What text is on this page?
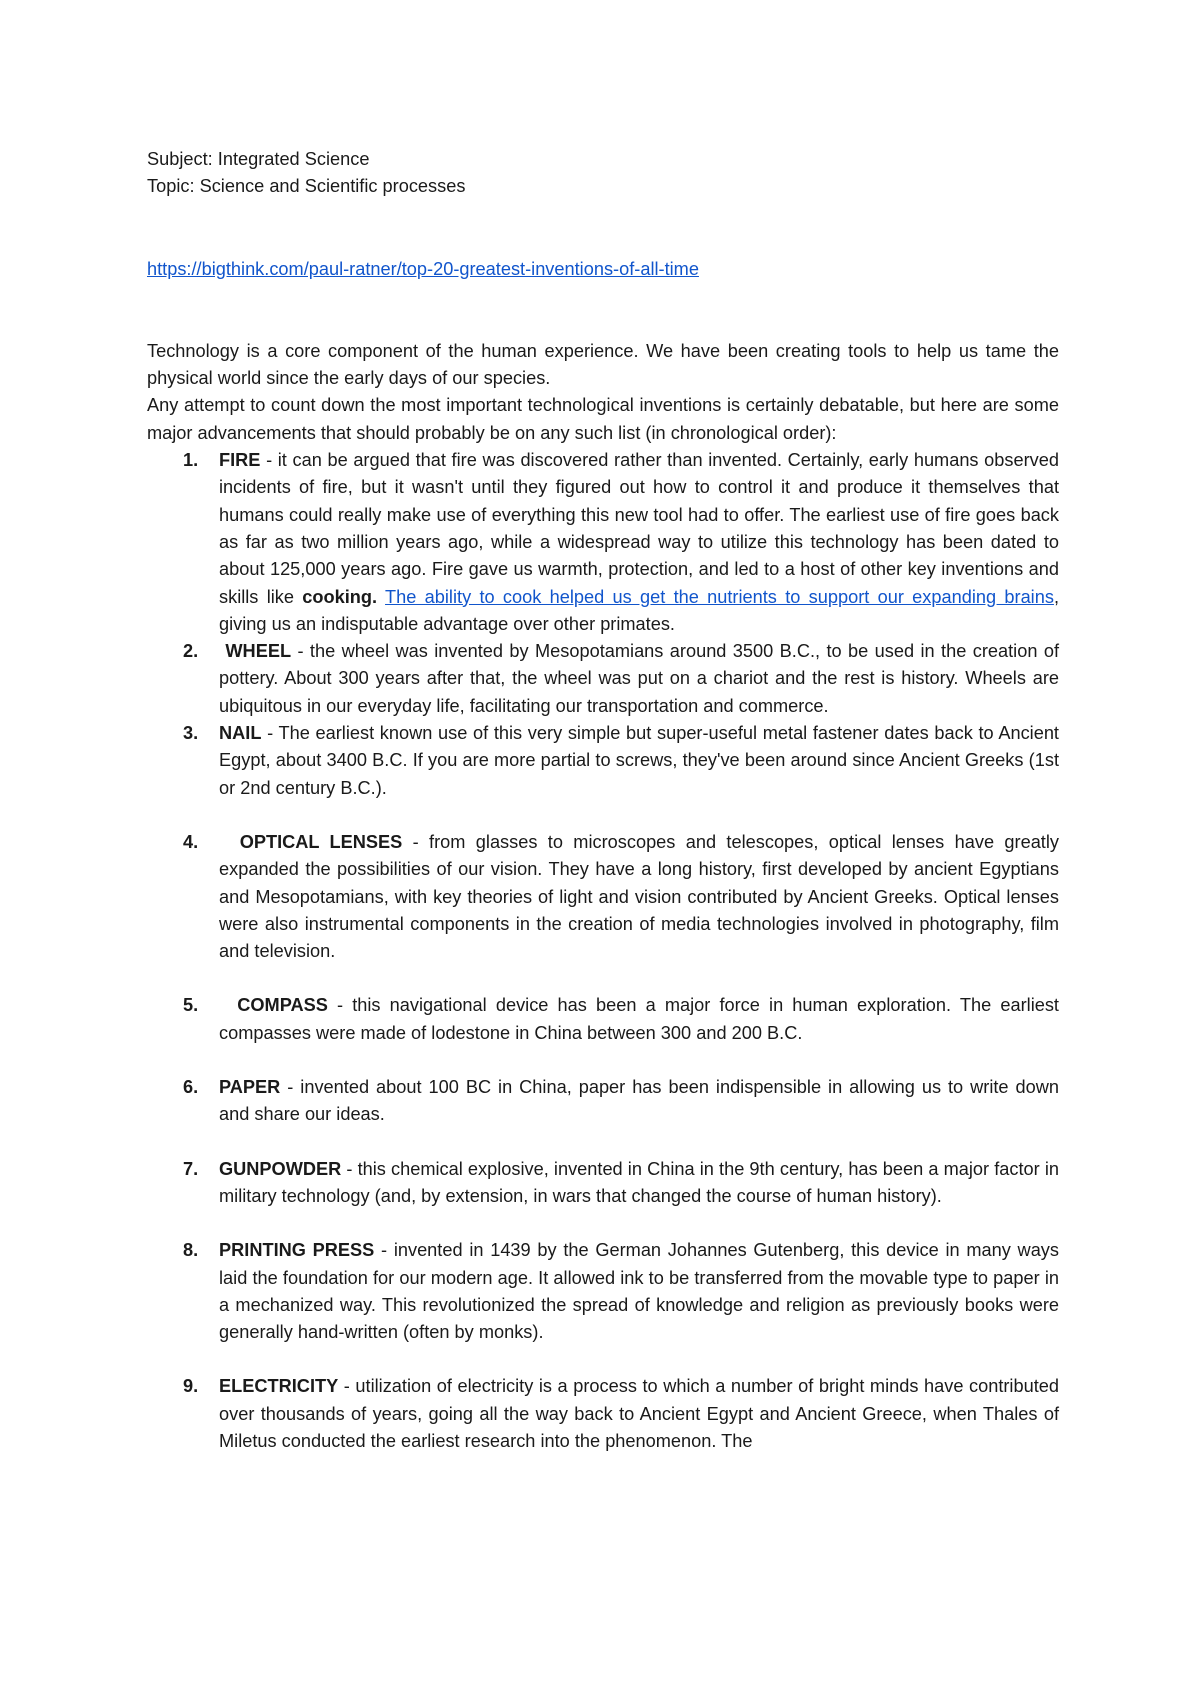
Subject: Integrated Science
Topic: Science and Scientific processes
https://bigthink.com/paul-ratner/top-20-greatest-inventions-of-all-time

Technology is a core component of the human experience. We have been creating tools to help us tame the physical world since the early days of our species.

Any attempt to count down the most important technological inventions is certainly debatable, but here are some major advancements that should probably be on any such list (in chronological order):

1. FIRE - it can be argued that fire was discovered rather than invented. Certainly, early humans observed incidents of fire, but it wasn't until they figured out how to control it and produce it themselves that humans could really make use of everything this new tool had to offer. The earliest use of fire goes back as far as two million years ago, while a widespread way to utilize this technology has been dated to about 125,000 years ago. Fire gave us warmth, protection, and led to a host of other key inventions and skills like cooking. The ability to cook helped us get the nutrients to support our expanding brains, giving us an indisputable advantage over other primates.
2. WHEEL - the wheel was invented by Mesopotamians around 3500 B.C., to be used in the creation of pottery. About 300 years after that, the wheel was put on a chariot and the rest is history. Wheels are ubiquitous in our everyday life, facilitating our transportation and commerce.
3. NAIL - The earliest known use of this very simple but super-useful metal fastener dates back to Ancient Egypt, about 3400 B.C. If you are more partial to screws, they've been around since Ancient Greeks (1st or 2nd century B.C.).
4. OPTICAL LENSES - from glasses to microscopes and telescopes, optical lenses have greatly expanded the possibilities of our vision. They have a long history, first developed by ancient Egyptians and Mesopotamians, with key theories of light and vision contributed by Ancient Greeks. Optical lenses were also instrumental components in the creation of media technologies involved in photography, film and television.
5. COMPASS - this navigational device has been a major force in human exploration. The earliest compasses were made of lodestone in China between 300 and 200 B.C.
6. PAPER - invented about 100 BC in China, paper has been indispensible in allowing us to write down and share our ideas.
7. GUNPOWDER - this chemical explosive, invented in China in the 9th century, has been a major factor in military technology (and, by extension, in wars that changed the course of human history).
8. PRINTING PRESS - invented in 1439 by the German Johannes Gutenberg, this device in many ways laid the foundation for our modern age. It allowed ink to be transferred from the movable type to paper in a mechanized way. This revolutionized the spread of knowledge and religion as previously books were generally hand-written (often by monks).
9. ELECTRICITY - utilization of electricity is a process to which a number of bright minds have contributed over thousands of years, going all the way back to Ancient Egypt and Ancient Greece, when Thales of Miletus conducted the earliest research into the phenomenon. The
